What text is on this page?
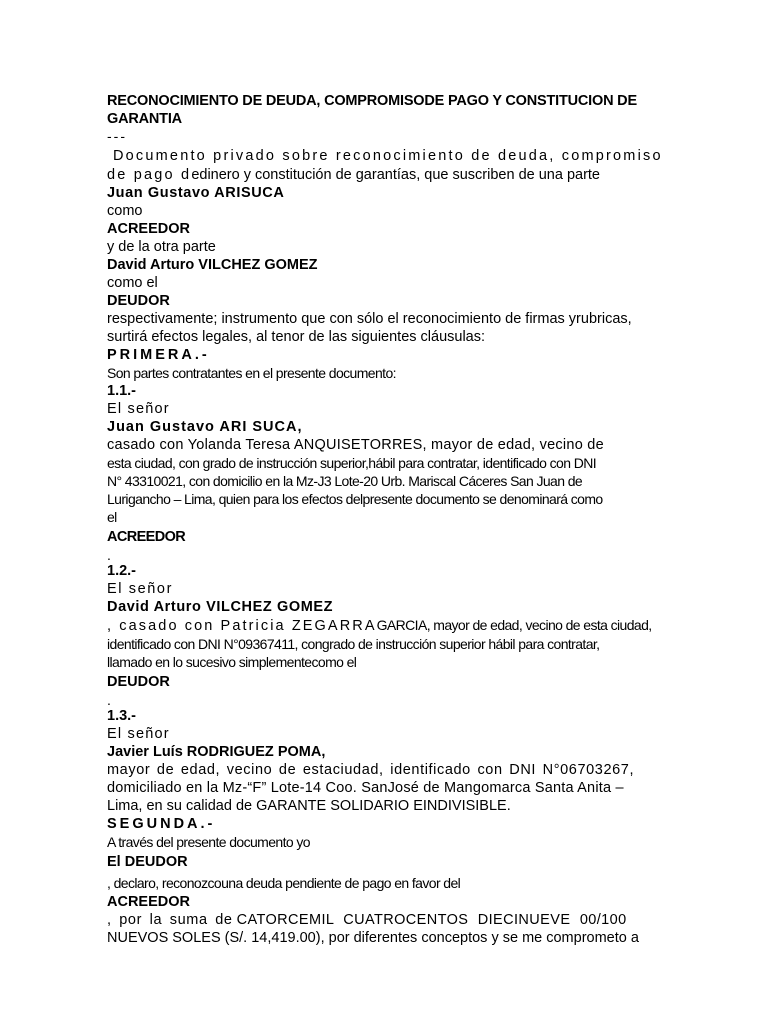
RECONOCIMIENTO DE DEUDA, COMPROMISODE PAGO Y CONSTITUCION DE
GARANTIA
---
Documento privado sobre reconocimiento de deuda, compromiso
de pago dedinero y constitución de garantías, que suscriben de una parte
Juan Gustavo ARISUCA
como
ACREEDOR
y de la otra parte
David Arturo VILCHEZ GOMEZ
como el
DEUDOR
respectivamente; instrumento que con sólo el reconocimiento de firmas yrubricas,
surtirá efectos legales, al tenor de las siguientes cláusulas:
PRIMERA.-
Son partes contratantes en el presente documento:
1.1.-
El señor
Juan Gustavo ARI SUCA,
casado con Yolanda Teresa ANQUISETORRES, mayor de edad, vecino de
esta ciudad, con grado de instrucción superior,hábil para contratar, identificado con DNI
N° 43310021, con domicilio en la Mz-J3 Lote-20 Urb. Mariscal Cáceres San Juan de
Lurigancho – Lima, quien para los efectos delpresente documento se denominará como
el
ACREEDOR
.
1.2.-
El señor
David Arturo VILCHEZ GOMEZ
, casado con Patricia ZEGARRAGARCIA, mayor de edad, vecino de esta ciudad,
identificado con DNI N°09367411, congrado de instrucción superior hábil para contratar,
llamado en lo sucesivo simplementecomo el
DEUDOR
.
1.3.-
El señor
Javier Luís RODRIGUEZ POMA,
mayor de edad, vecino de estaciudad, identificado con DNI N°06703267,
domiciliado en la Mz-“F” Lote-14 Coo. SanJosé de Mangomarca Santa Anita –
Lima, en su calidad de GARANTE SOLIDARIO EINDIVISIBLE.
SEGUNDA.-
A través del presente documento yo
El DEUDOR
, declaro, reconozcouna deuda pendiente de pago en favor del
ACREEDOR
, por la suma de CATORCEMIL CUATROCENTOS DIECINUEVE 00/100
NUEVOS SOLES (S/. 14,419.00), por diferentes conceptos y se me comprometo a
